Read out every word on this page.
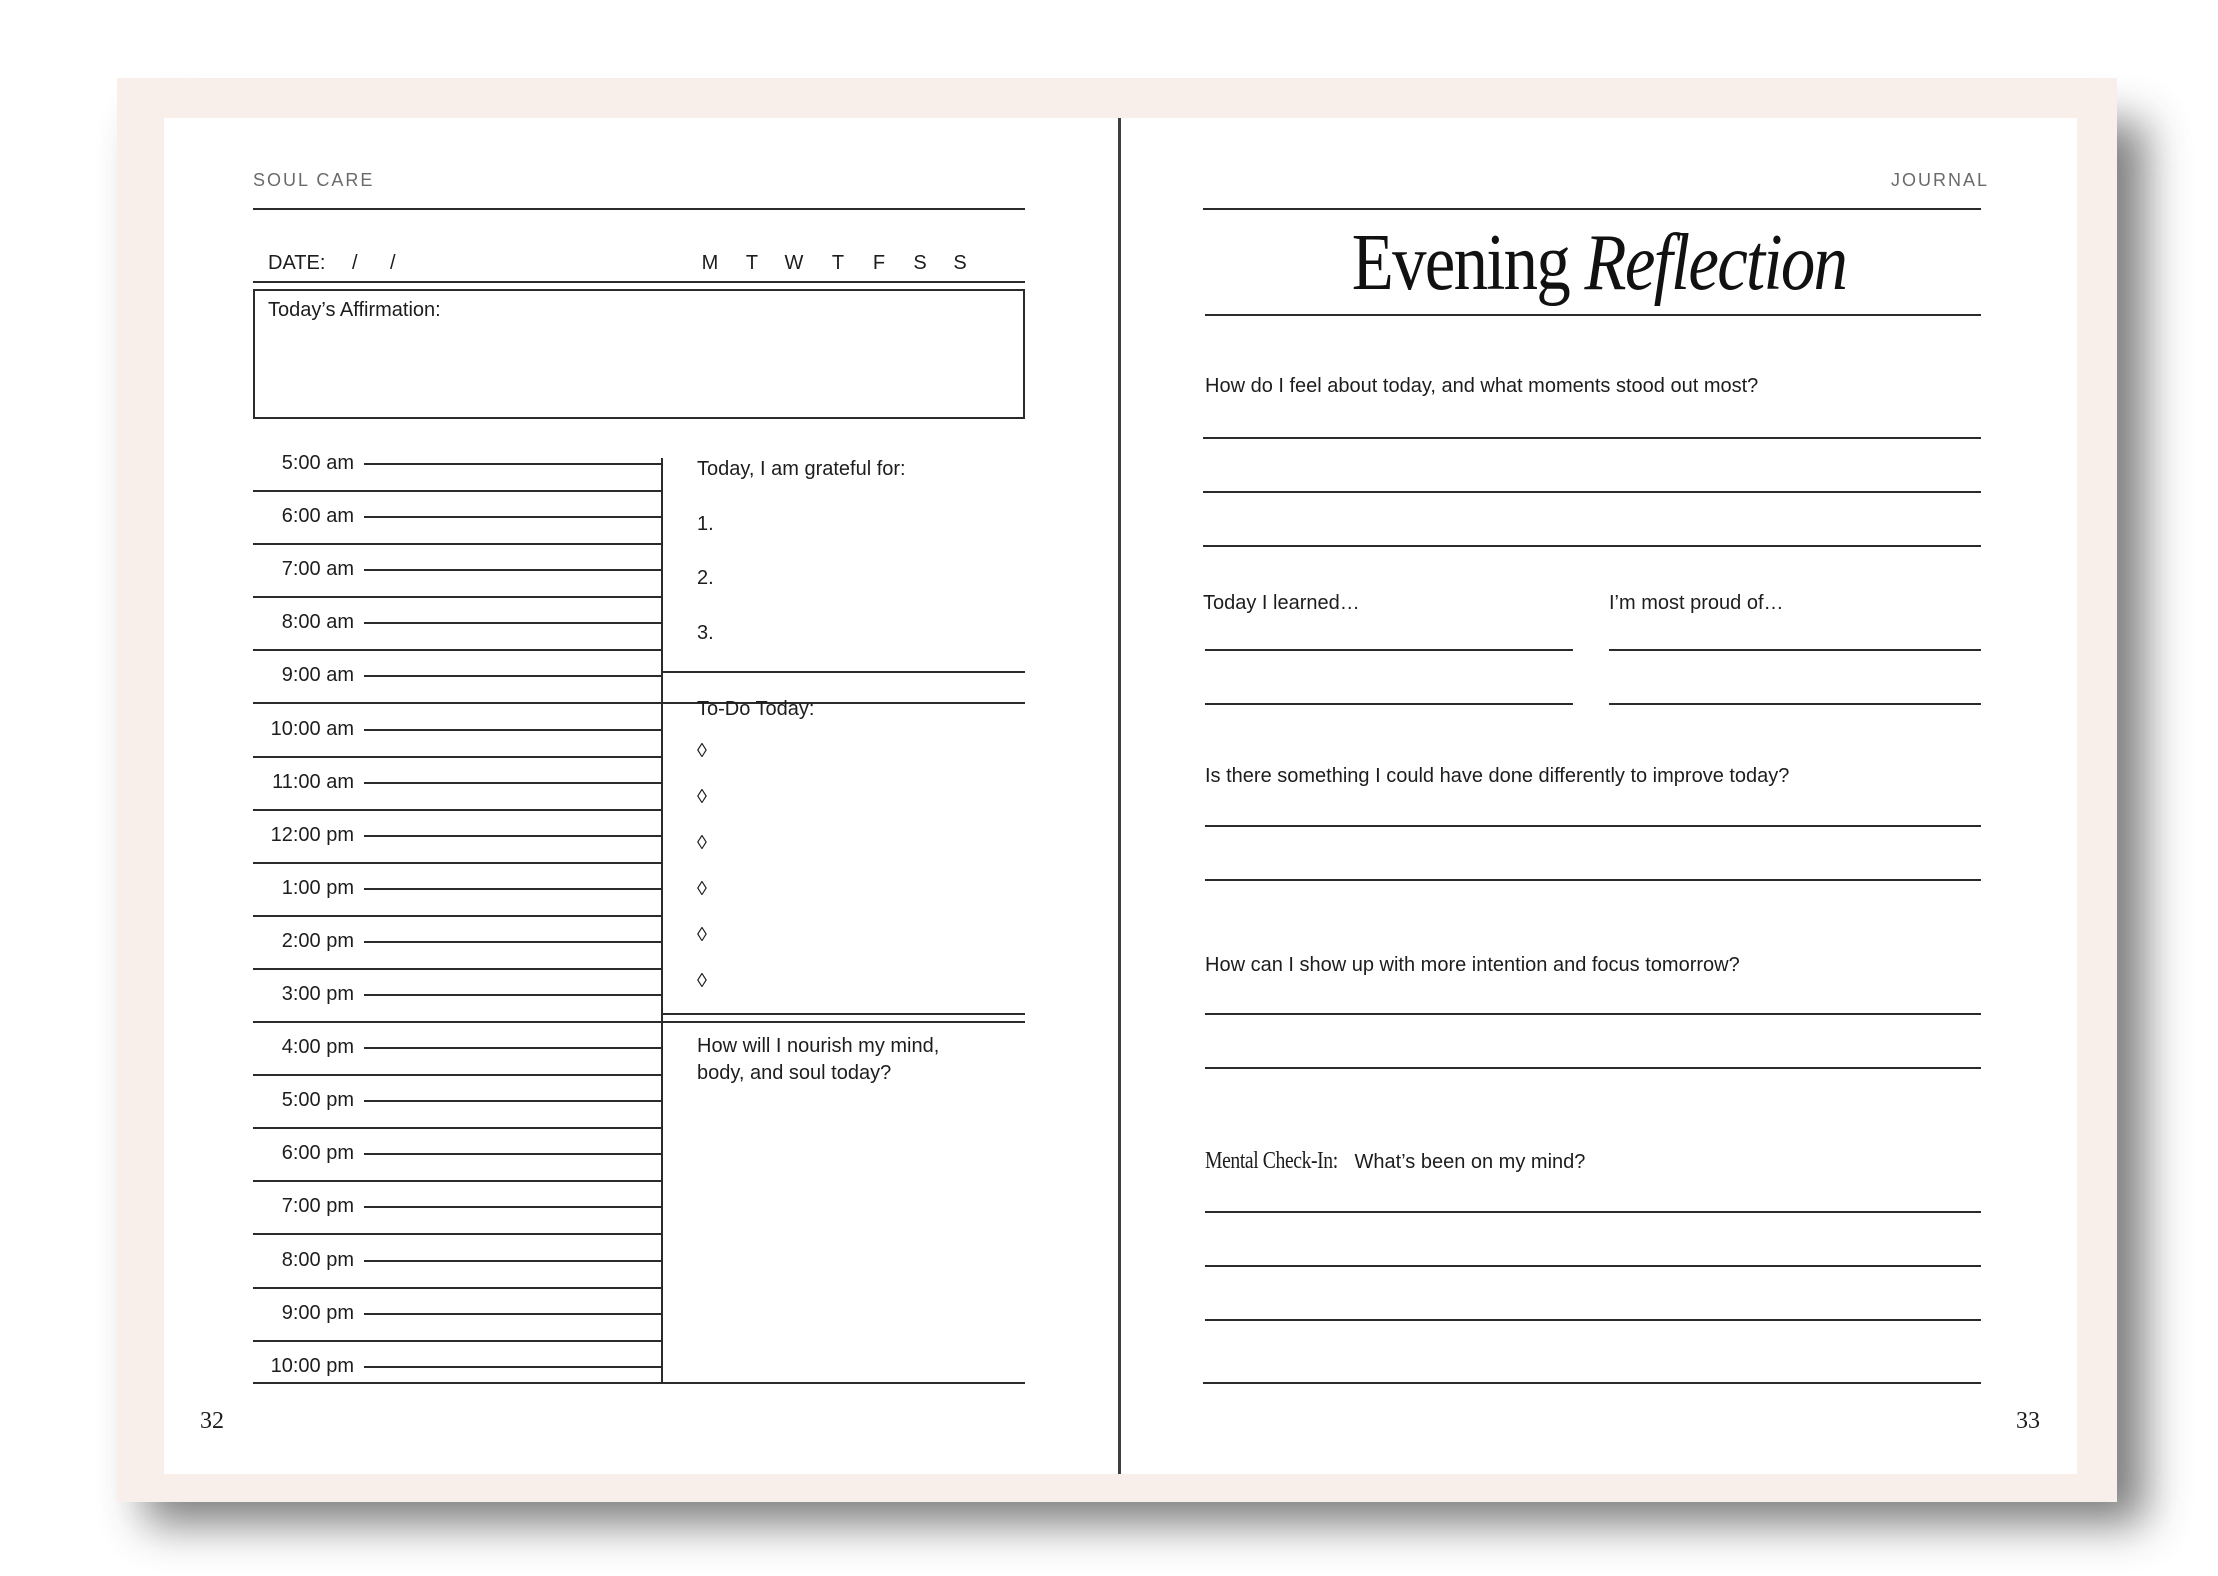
SOUL CARE
DATE: / /	M	T	W	T	F	S	S
Today’s Affirmation:
5:00 am
6:00 am
7:00 am
8:00 am
9:00 am
10:00 am
11:00 am
12:00 pm
1:00 pm
2:00 pm
3:00 pm
4:00 pm
5:00 pm
6:00 pm
7:00 pm
8:00 pm
9:00 pm
10:00 pm
Today, I am grateful for:
1.
2.
3.
To-Do Today:
◊
◊
◊
◊
◊
◊
How will I nourish my mind,
body, and soul today?
32
JOURNAL
Evening Reflection
How do I feel about today, and what moments stood out most?
Today I learned…	I’m most proud of…
Is there something I could have done differently to improve today?
How can I show up with more intention and focus tomorrow?
Mental Check-In: What’s been on my mind?
33
